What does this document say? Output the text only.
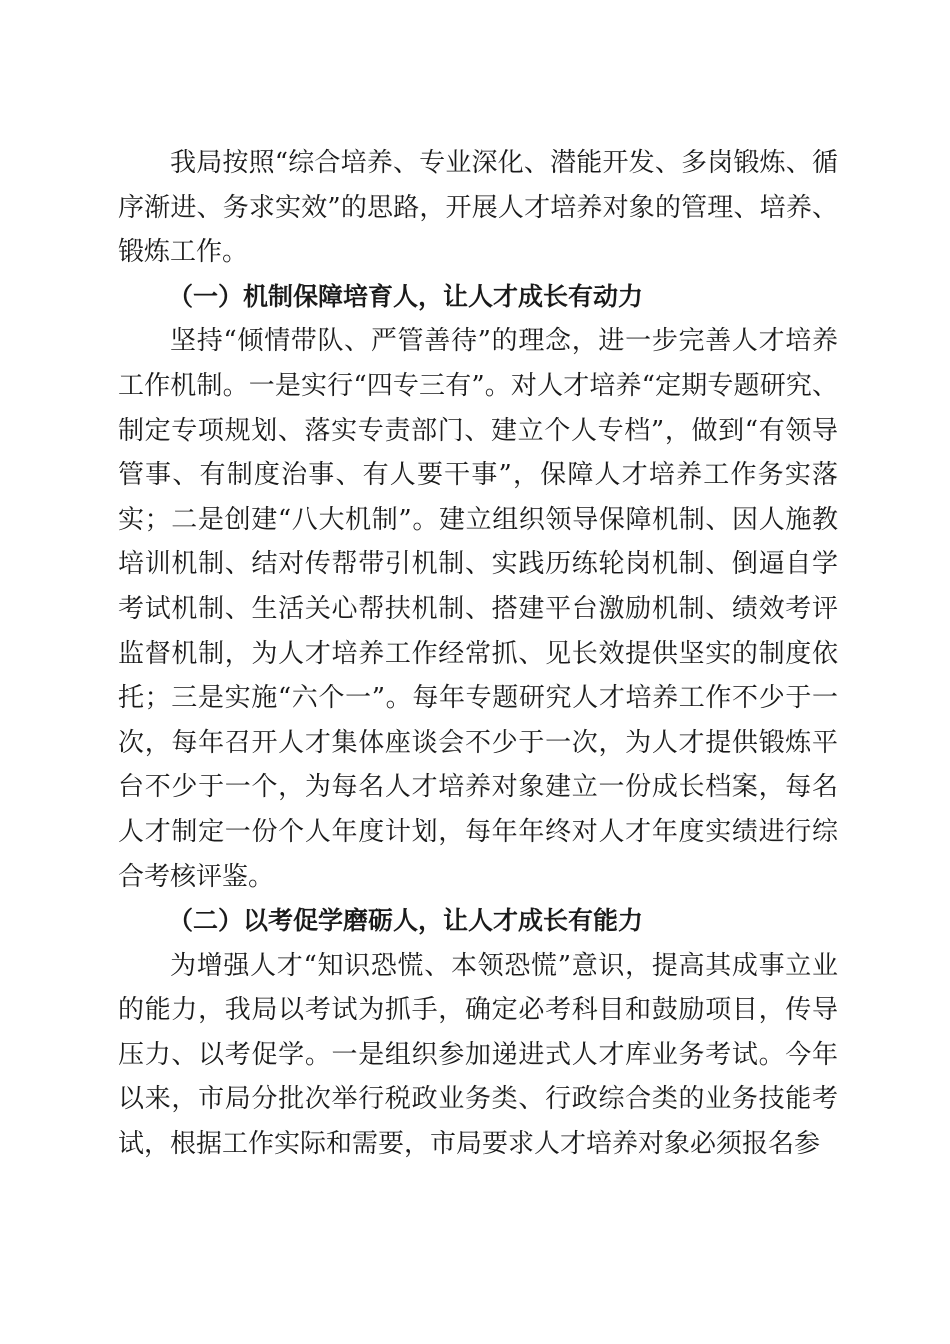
我局按照“综合培养、专业深化、潜能开发、多岗锻炼、循序渐进、务求实效”的思路，开展人才培养对象的管理、培养、锻炼工作。

（一）机制保障培育人，让人才成长有动力

坚持“倾情带队、严管善待”的理念，进一步完善人才培养工作机制。一是实行“四专三有”。对人才培养“定期专题研究、制定专项规划、落实专责部门、建立个人专档”，做到“有领导管事、有制度治事、有人要干事”，保障人才培养工作务实落实；二是创建“八大机制”。建立组织领导保障机制、因人施教培训机制、结对传帮带引机制、实践历练轮岗机制、倒逼自学考试机制、生活关心帮扶机制、搭建平台激励机制、绩效考评监督机制，为人才培养工作经常抓、见长效提供坚实的制度依托；三是实施“六个一”。每年专题研究人才培养工作不少于一次，每年召开人才集体座谈会不少于一次，为人才提供锻炼平台不少于一个，为每名人才培养对象建立一份成长档案，每名人才制定一份个人年度计划，每年年终对人才年度实绩进行综合考核评鉴。

（二）以考促学磨砺人，让人才成长有能力

为增强人才“知识恐慌、本领恐慌”意识，提高其成事立业的能力，我局以考试为抓手，确定必考科目和鼓励项目，传导压力、以考促学。一是组织参加递进式人才库业务考试。今年以来，市局分批次举行税政业务类、行政综合类的业务技能考试，根据工作实际和需要，市局要求人才培养对象必须报名参
